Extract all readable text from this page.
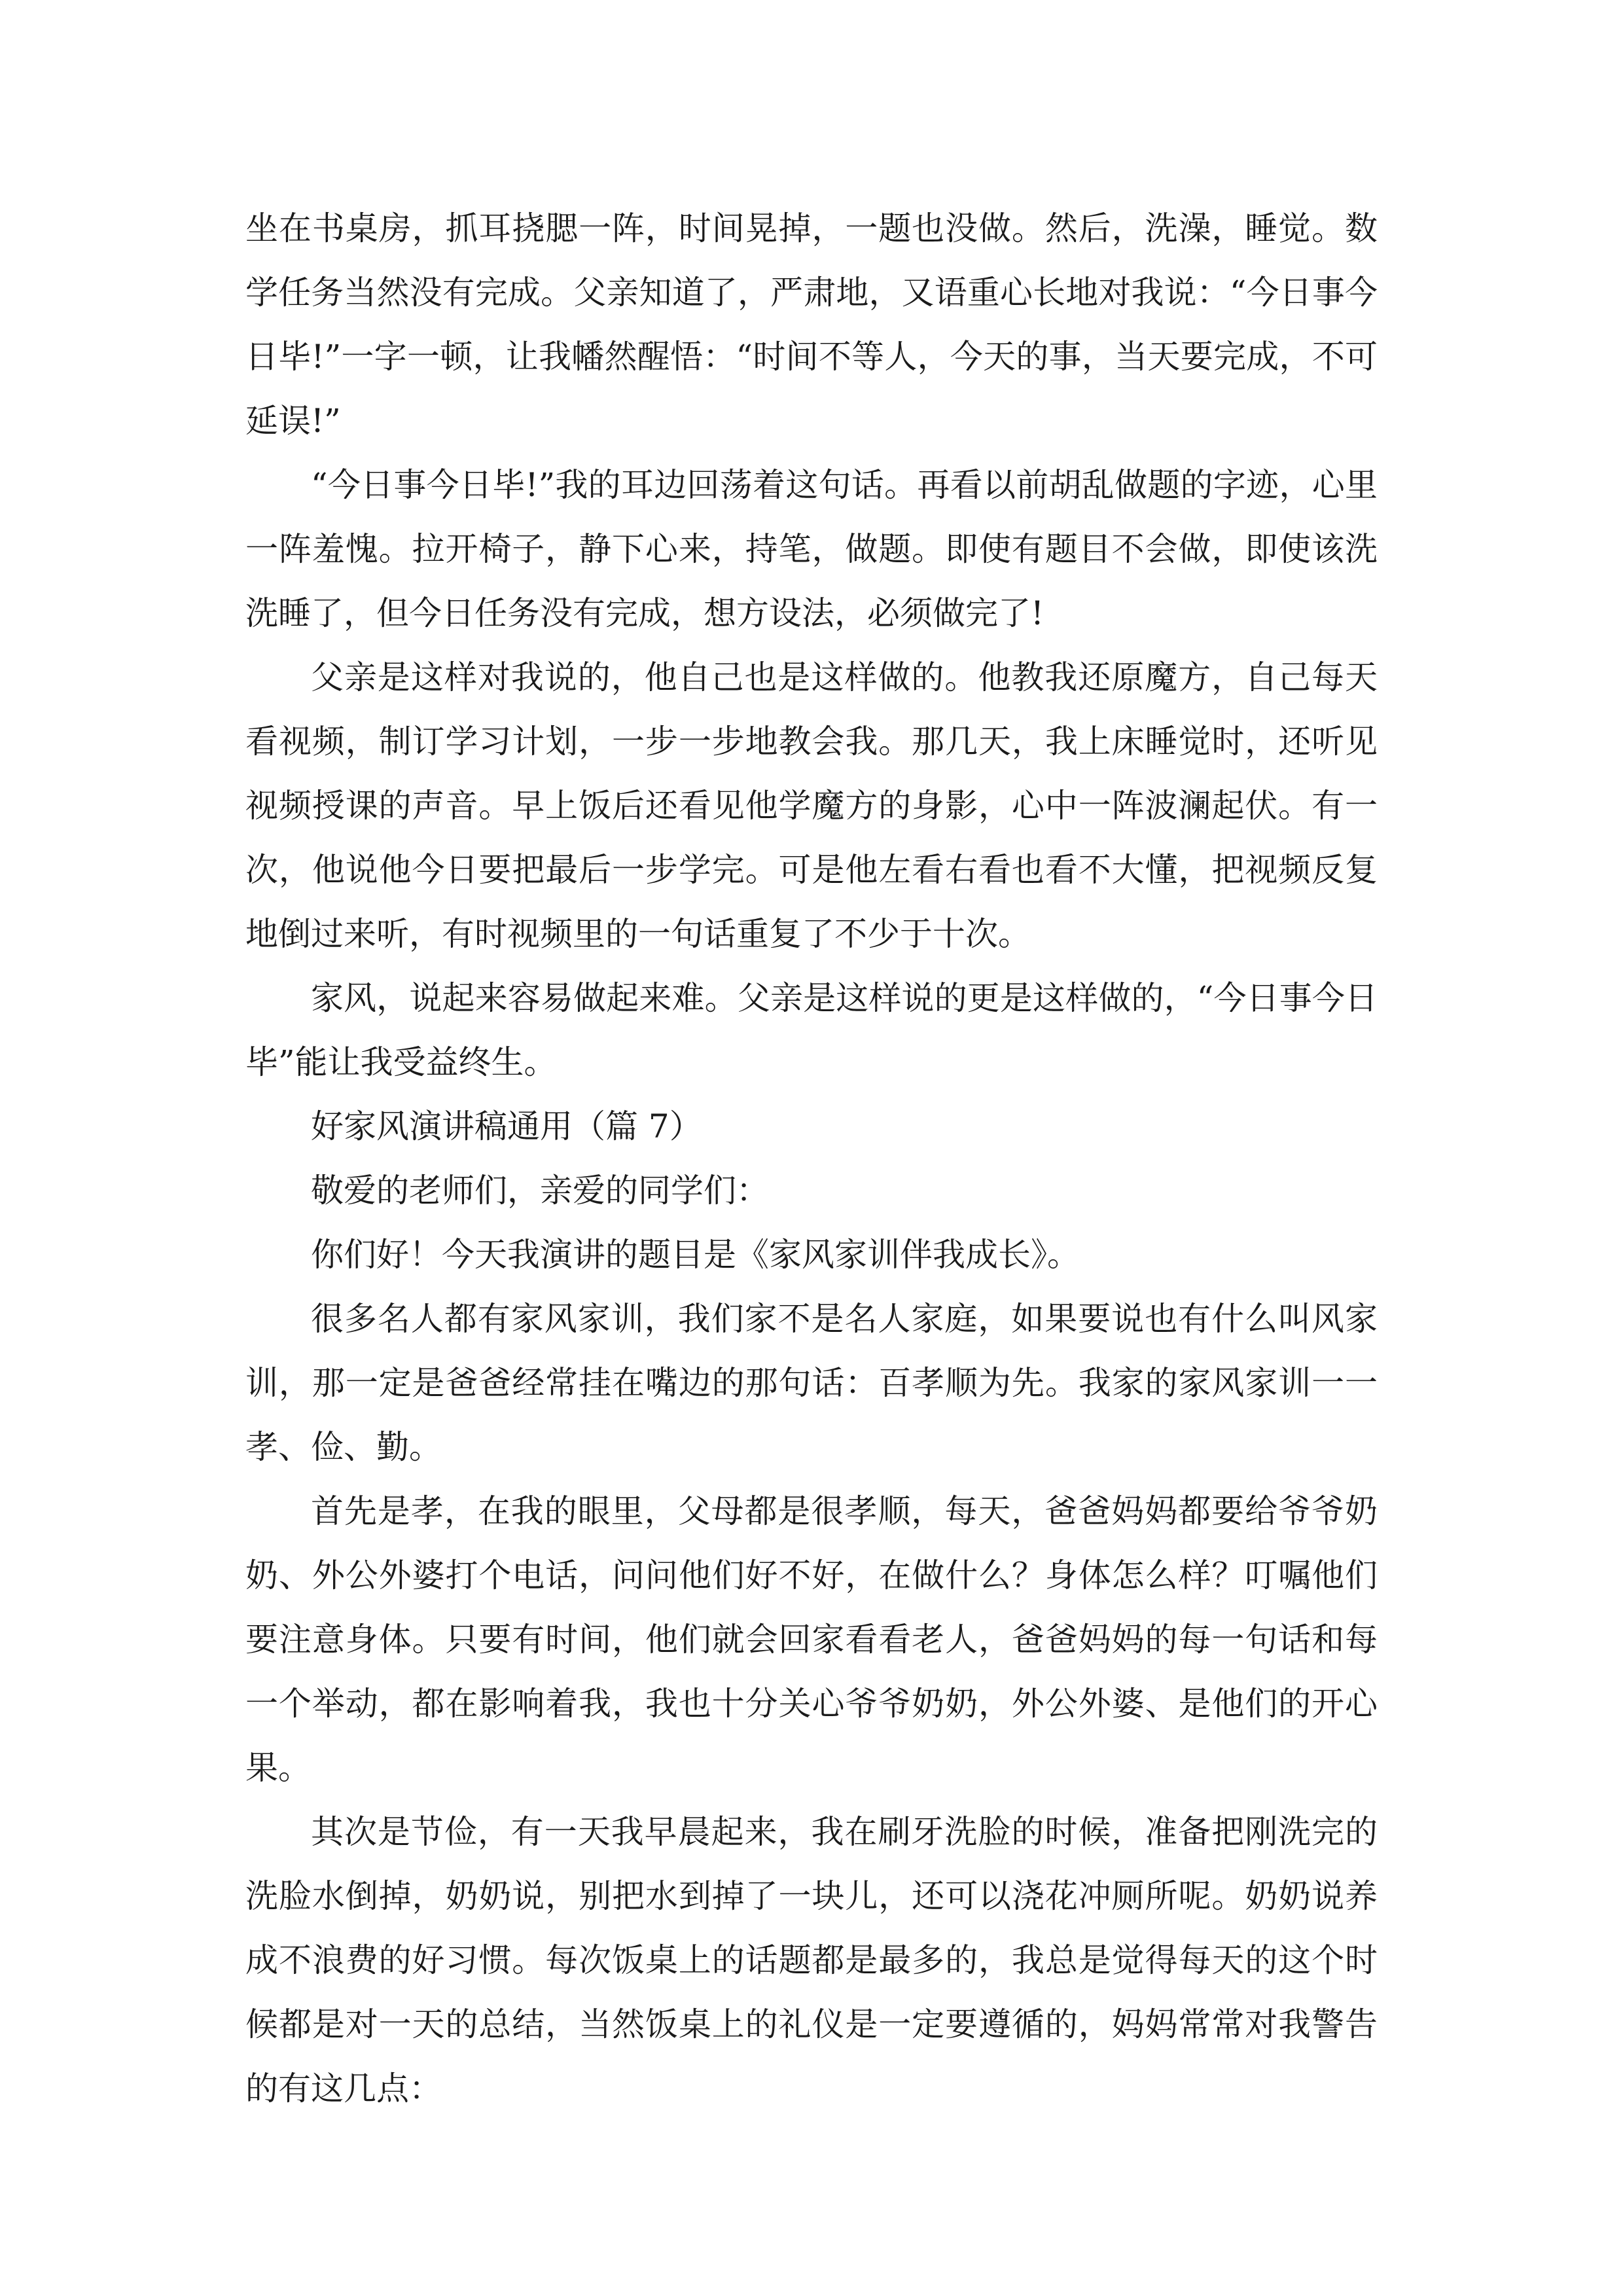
坐在书桌房，抓耳挠腮一阵，时间晃掉，一题也没做。然后，洗澡，睡觉。数学任务当然没有完成。父亲知道了，严肃地，又语重心长地对我说：“今日事今日毕!”一字一顿，让我幡然醒悟：“时间不等人，今天的事，当天要完成，不可延误!”

“今日事今日毕!”我的耳边回荡着这句话。再看以前胡乱做题的字迹，心里一阵羞愧。拉开椅子，静下心来，持笔，做题。即使有题目不会做，即使该洗洗睡了，但今日任务没有完成，想方设法，必须做完了!

父亲是这样对我说的，他自己也是这样做的。他教我还原魔方，自己每天看视频，制订学习计划，一步一步地教会我。那几天，我上床睡觉时，还听见视频授课的声音。早上饭后还看见他学魔方的身影，心中一阵波澜起伏。有一次，他说他今日要把最后一步学完。可是他左看右看也看不大懂，把视频反复地倒过来听，有时视频里的一句话重复了不少于十次。

家风，说起来容易做起来难。父亲是这样说的更是这样做的，“今日事今日毕”能让我受益终生。

好家风演讲稿通用（篇 7）

敬爱的老师们，亲爱的同学们：

你们好！今天我演讲的题目是《家风家训伴我成长》。

很多名人都有家风家训，我们家不是名人家庭，如果要说也有什么叫风家训，那一定是爸爸经常挂在嘴边的那句话：百孝顺为先。我家的家风家训一一孝、俭、勤。

首先是孝，在我的眼里，父母都是很孝顺，每天，爸爸妈妈都要给爷爷奶奶、外公外婆打个电话，问问他们好不好，在做什么？身体怎么样？叮嘱他们要注意身体。只要有时间，他们就会回家看看老人，爸爸妈妈的每一句话和每一个举动，都在影响着我，我也十分关心爷爷奶奶，外公外婆、是他们的开心果。

其次是节俭，有一天我早晨起来，我在刷牙洗脸的时候，准备把刚洗完的洗脸水倒掉，奶奶说，别把水到掉了一块儿，还可以浇花冲厕所呢。奶奶说养成不浪费的好习惯。每次饭桌上的话题都是最多的，我总是觉得每天的这个时候都是对一天的总结，当然饭桌上的礼仪是一定要遵循的，妈妈常常对我警告的有这几点：
